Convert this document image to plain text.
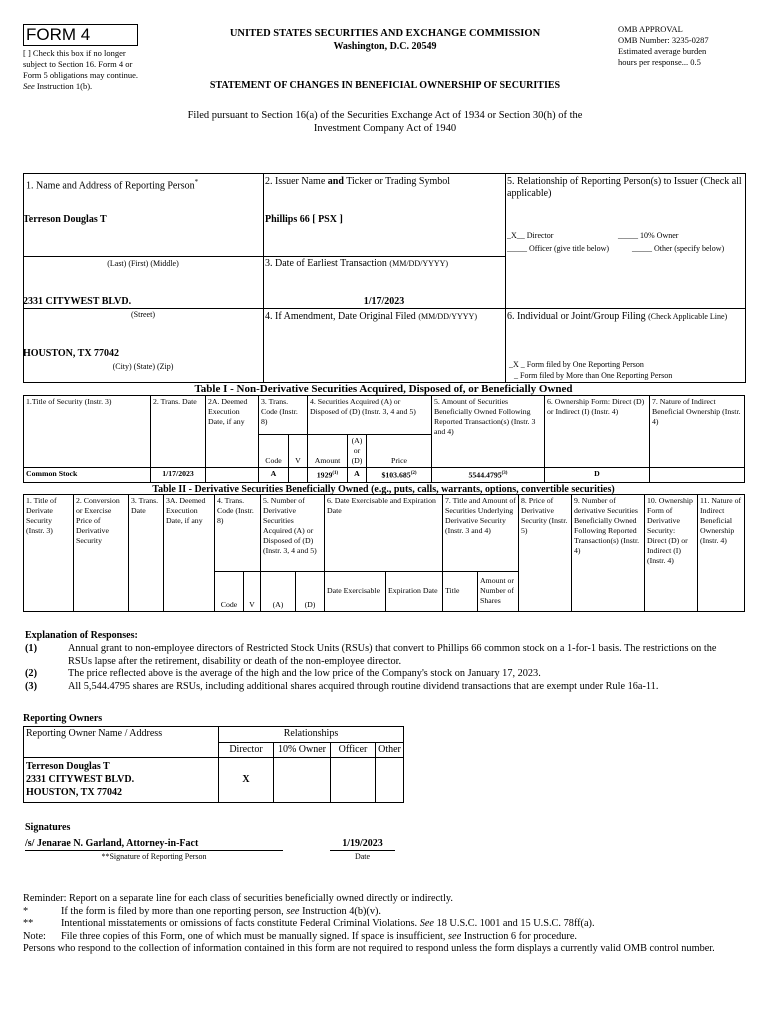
FORM 4
[ ] Check this box if no longer subject to Section 16. Form 4 or Form 5 obligations may continue. See Instruction 1(b).
UNITED STATES SECURITIES AND EXCHANGE COMMISSION
Washington, D.C. 20549
OMB APPROVAL
OMB Number: 3235-0287
Estimated average burden
hours per response... 0.5
STATEMENT OF CHANGES IN BENEFICIAL OWNERSHIP OF SECURITIES
Filed pursuant to Section 16(a) of the Securities Exchange Act of 1934 or Section 30(h) of the
Investment Company Act of 1940
1. Name and Address of Reporting Person*
Terreson Douglas T
(Last) (First) (Middle)
2331 CITYWEST BLVD.
(Street)
HOUSTON, TX 77042
(City) (State) (Zip)
2. Issuer Name and Ticker or Trading Symbol
Phillips 66 [ PSX ]
3. Date of Earliest Transaction (MM/DD/YYYY)
1/17/2023
4. If Amendment, Date Original Filed (MM/DD/YYYY)
5. Relationship of Reporting Person(s) to Issuer (Check all applicable)
_X__ Director	_____ 10% Owner
_____ Officer (give title below)	_____ Other (specify below)
6. Individual or Joint/Group Filing (Check Applicable Line)
_X _ Form filed by One Reporting Person
_ Form filed by More than One Reporting Person
Table I - Non-Derivative Securities Acquired, Disposed of, or Beneficially Owned
1.Title of Security (Instr. 3)	2. Trans. Date	2A. Deemed Execution Date, if any	3. Trans. Code (Instr. 8)		4. Securities Acquired (A) or Disposed of (D) (Instr. 3, 4 and 5)			5. Amount of Securities Beneficially Owned Following Reported Transaction(s) (Instr. 3 and 4)	6. Ownership Form: Direct (D) or Indirect (I) (Instr. 4)	7. Nature of Indirect Beneficial Ownership (Instr. 4)
			Code	V	Amount	(A) or (D)	Price			
Common Stock	1/17/2023		A		1929$^{(1)}$	A	$103.685$^{(2)}$	5544.4795$^{(3)}$	D	
Table II - Derivative Securities Beneficially Owned (e.g., puts, calls, warrants, options, convertible securities)
1. Title of Derivate Security (Instr. 3)	2. Conversion or Exercise Price of Derivative Security	3. Trans. Date	3A. Deemed Execution Date, if any	4. Trans. Code (Instr. 8)		5. Number of Derivative Securities Acquired (A) or Disposed of (D) (Instr. 3, 4 and 5)		6. Date Exercisable and Expiration Date		7. Title and Amount of Securities Underlying Derivative Security (Instr. 3 and 4)		8. Price of Derivative Security (Instr. 5)	9. Number of derivative Securities Beneficially Owned Following Reported Transaction(s) (Instr. 4)	10. Ownership Form of Derivative Security: Direct (D) or Indirect (I) (Instr. 4)	11. Nature of Indirect Beneficial Ownership (Instr. 4)
				Code	V	(A)	(D)	Date Exercisable	Expiration Date	Title	Amount or Number of Shares				
Explanation of Responses:
(1)	Annual grant to non-employee directors of Restricted Stock Units (RSUs) that convert to Phillips 66 common stock on a 1-for-1 basis. The restrictions on the RSUs lapse after the retirement, disability or death of the non-employee director.
(2)	The price reflected above is the average of the high and the low price of the Company's stock on January 17, 2023.
(3)	All 5,544.4795 shares are RSUs, including additional shares acquired through routine dividend transactions that are exempt under Rule 16a-11.
Reporting Owners
Reporting Owner Name / Address	Relationships			
	Director	10% Owner	Officer	Other

Terreson Douglas T
2331 CITYWEST BLVD.
HOUSTON, TX 77042	X			
Signatures
/s/ Jenarae N. Garland, Attorney-in-Fact	1/19/2023
**Signature of Reporting Person	Date
Reminder: Report on a separate line for each class of securities beneficially owned directly or indirectly.
*	If the form is filed by more than one reporting person, see Instruction 4(b)(v).
**	Intentional misstatements or omissions of facts constitute Federal Criminal Violations. See 18 U.S.C. 1001 and 15 U.S.C. 78ff(a).
Note:	File three copies of this Form, one of which must be manually signed. If space is insufficient, see Instruction 6 for procedure.
Persons who respond to the collection of information contained in this form are not required to respond unless the form displays a currently valid OMB control number.
